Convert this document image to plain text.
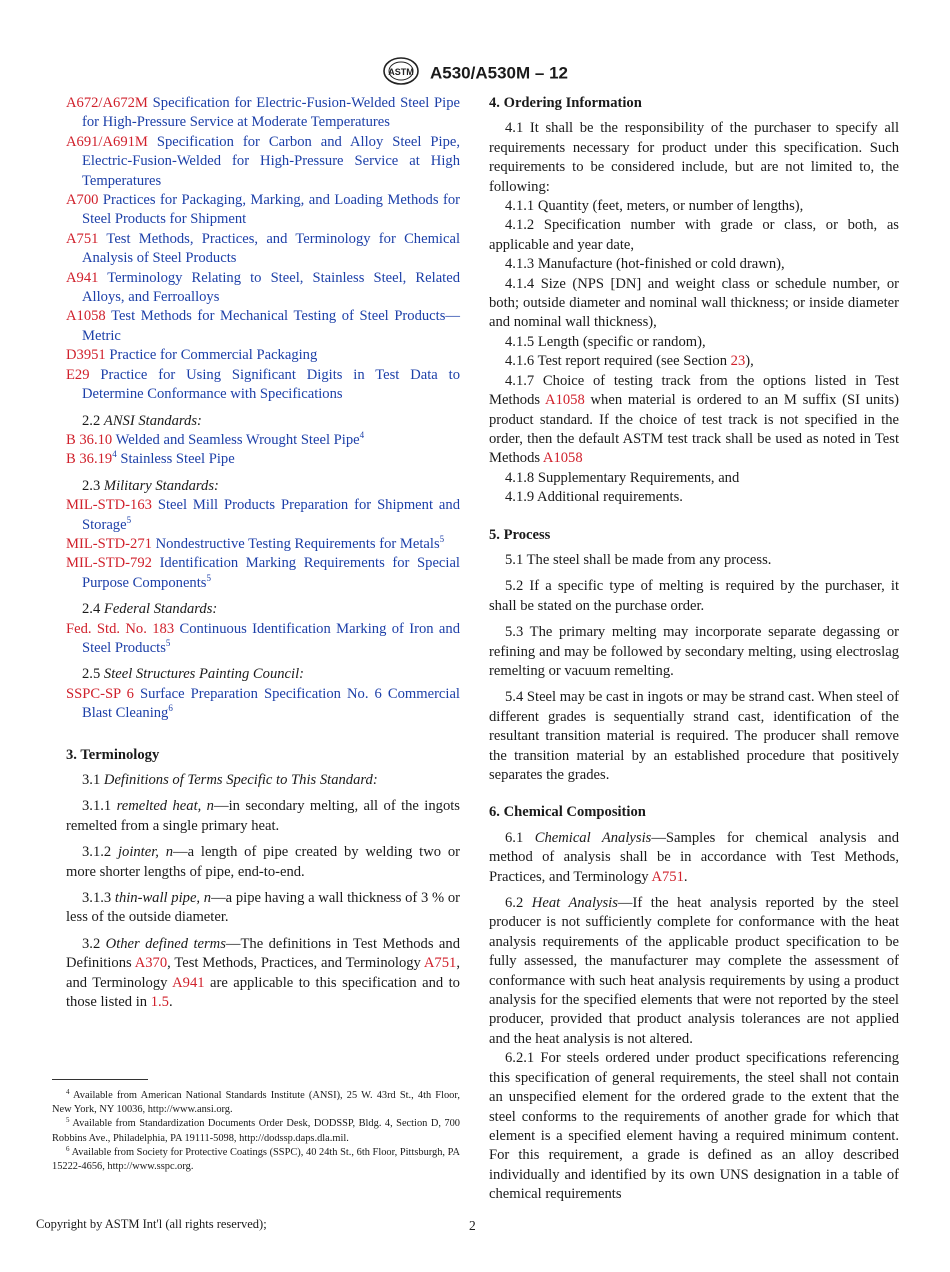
ASTM A530/A530M – 12
A672/A672M Specification for Electric-Fusion-Welded Steel Pipe for High-Pressure Service at Moderate Temperatures
A691/A691M Specification for Carbon and Alloy Steel Pipe, Electric-Fusion-Welded for High-Pressure Service at High Temperatures
A700 Practices for Packaging, Marking, and Loading Methods for Steel Products for Shipment
A751 Test Methods, Practices, and Terminology for Chemical Analysis of Steel Products
A941 Terminology Relating to Steel, Stainless Steel, Related Alloys, and Ferroalloys
A1058 Test Methods for Mechanical Testing of Steel Products—Metric
D3951 Practice for Commercial Packaging
E29 Practice for Using Significant Digits in Test Data to Determine Conformance with Specifications
2.2 ANSI Standards:
B 36.10 Welded and Seamless Wrought Steel Pipe$^4$
B 36.19$^4$ Stainless Steel Pipe
2.3 Military Standards:
MIL-STD-163 Steel Mill Products Preparation for Shipment and Storage$^5$
MIL-STD-271 Nondestructive Testing Requirements for Metals$^5$
MIL-STD-792 Identification Marking Requirements for Special Purpose Components$^5$
2.4 Federal Standards:
Fed. Std. No. 183 Continuous Identification Marking of Iron and Steel Products$^5$
2.5 Steel Structures Painting Council:
SSPC-SP 6 Surface Preparation Specification No. 6 Commercial Blast Cleaning$^6$
3. Terminology
3.1 Definitions of Terms Specific to This Standard:
3.1.1 remelted heat, n—in secondary melting, all of the ingots remelted from a single primary heat.
3.1.2 jointer, n—a length of pipe created by welding two or more shorter lengths of pipe, end-to-end.
3.1.3 thin-wall pipe, n—a pipe having a wall thickness of 3 % or less of the outside diameter.
3.2 Other defined terms—The definitions in Test Methods and Definitions A370, Test Methods, Practices, and Terminology A751, and Terminology A941 are applicable to this specification and to those listed in 1.5.
$^4$ Available from American National Standards Institute (ANSI), 25 W. 43rd St., 4th Floor, New York, NY 10036, http://www.ansi.org.
$^5$ Available from Standardization Documents Order Desk, DODSSP, Bldg. 4, Section D, 700 Robbins Ave., Philadelphia, PA 19111-5098, http://dodssp.daps.dla.mil.
$^6$ Available from Society for Protective Coatings (SSPC), 40 24th St., 6th Floor, Pittsburgh, PA 15222-4656, http://www.sspc.org.
4. Ordering Information
4.1 It shall be the responsibility of the purchaser to specify all requirements necessary for product under this specification. Such requirements to be considered include, but are not limited to, the following:
4.1.1 Quantity (feet, meters, or number of lengths),
4.1.2 Specification number with grade or class, or both, as applicable and year date,
4.1.3 Manufacture (hot-finished or cold drawn),
4.1.4 Size (NPS [DN] and weight class or schedule number, or both; outside diameter and nominal wall thickness; or inside diameter and nominal wall thickness),
4.1.5 Length (specific or random),
4.1.6 Test report required (see Section 23),
4.1.7 Choice of testing track from the options listed in Test Methods A1058 when material is ordered to an M suffix (SI units) product standard. If the choice of test track is not specified in the order, then the default ASTM test track shall be used as noted in Test Methods A1058
4.1.8 Supplementary Requirements, and
4.1.9 Additional requirements.
5. Process
5.1 The steel shall be made from any process.
5.2 If a specific type of melting is required by the purchaser, it shall be stated on the purchase order.
5.3 The primary melting may incorporate separate degassing or refining and may be followed by secondary melting, using electroslag remelting or vacuum remelting.
5.4 Steel may be cast in ingots or may be strand cast. When steel of different grades is sequentially strand cast, identification of the resultant transition material is required. The producer shall remove the transition material by an established procedure that positively separates the grades.
6. Chemical Composition
6.1 Chemical Analysis—Samples for chemical analysis and method of analysis shall be in accordance with Test Methods, Practices, and Terminology A751.
6.2 Heat Analysis—If the heat analysis reported by the steel producer is not sufficiently complete for conformance with the heat analysis requirements of the applicable product specification to be fully assessed, the manufacturer may complete the assessment of conformance with such heat analysis requirements by using a product analysis for the specified elements that were not reported by the steel producer, provided that product analysis tolerances are not applied and the heat analysis is not altered.
6.2.1 For steels ordered under product specifications referencing this specification of general requirements, the steel shall not contain an unspecified element for the ordered grade to the extent that the steel conforms to the requirements of another grade for which that element is a specified element having a required minimum content. For this requirement, a grade is defined as an alloy described individually and identified by its own UNS designation in a table of chemical requirements
Copyright by ASTM Int'l (all rights reserved);	2
